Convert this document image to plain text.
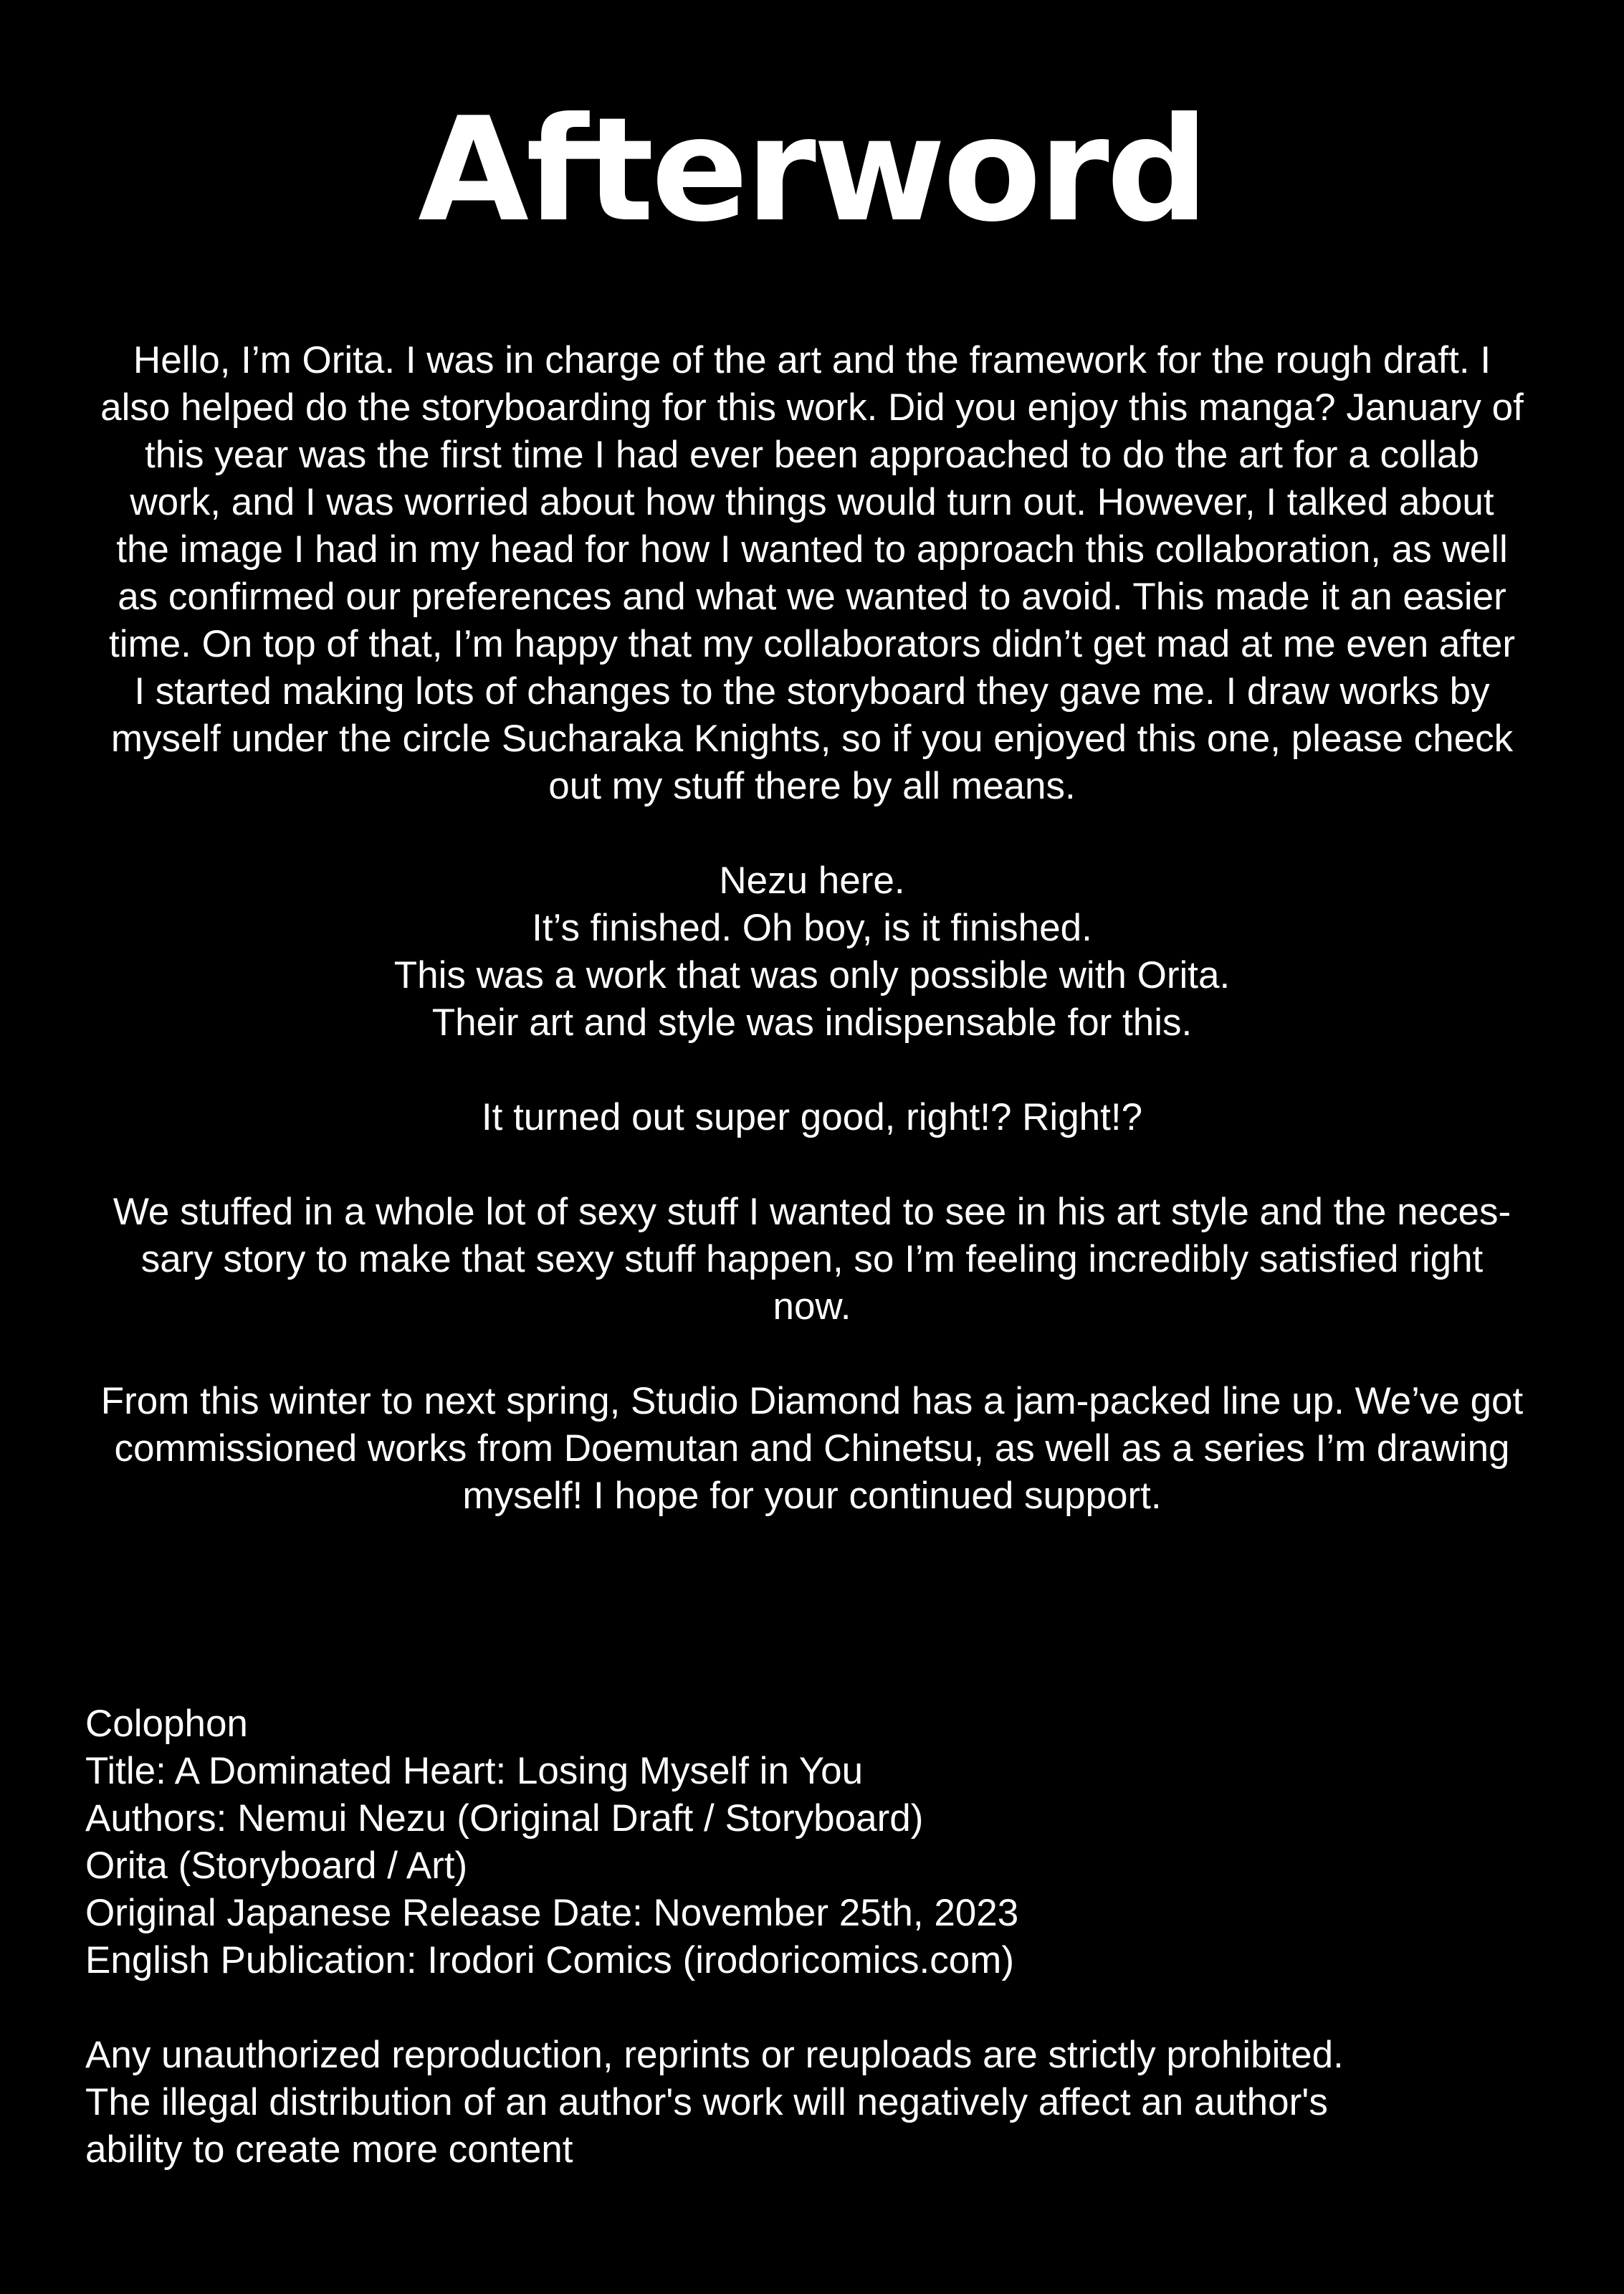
Afterword

Hello, I’m Orita. I was in charge of the art and the framework for the rough draft. I
also helped do the storyboarding for this work. Did you enjoy this manga? January of
this year was the first time I had ever been approached to do the art for a collab
work, and I was worried about how things would turn out. However, I talked about
the image I had in my head for how I wanted to approach this collaboration, as well
as confirmed our preferences and what we wanted to avoid. This made it an easier
time. On top of that, I’m happy that my collaborators didn’t get mad at me even after
I started making lots of changes to the storyboard they gave me. I draw works by
myself under the circle Sucharaka Knights, so if you enjoyed this one, please check
out my stuff there by all means.

Nezu here.
It’s finished. Oh boy, is it finished.
This was a work that was only possible with Orita.
Their art and style was indispensable for this.

It turned out super good, right!? Right!?

We stuffed in a whole lot of sexy stuff I wanted to see in his art style and the neces-
sary story to make that sexy stuff happen, so I’m feeling incredibly satisfied right
now.

From this winter to next spring, Studio Diamond has a jam-packed line up. We’ve got
commissioned works from Doemutan and Chinetsu, as well as a series I’m drawing
myself! I hope for your continued support.

Colophon

Title: A Dominated Heart: Losing Myself in You

Authors: Nemui Nezu (Original Draft / Storyboard)

Orita (Storyboard / Art)

Original Japanese Release Date: November 25th, 2023

English Publication: Irodori Comics (irodoricomics.com)

Any unauthorized reproduction, reprints or reuploads are strictly prohibited.

The illegal distribution of an author's work will negatively affect an author's

ability to create more content
